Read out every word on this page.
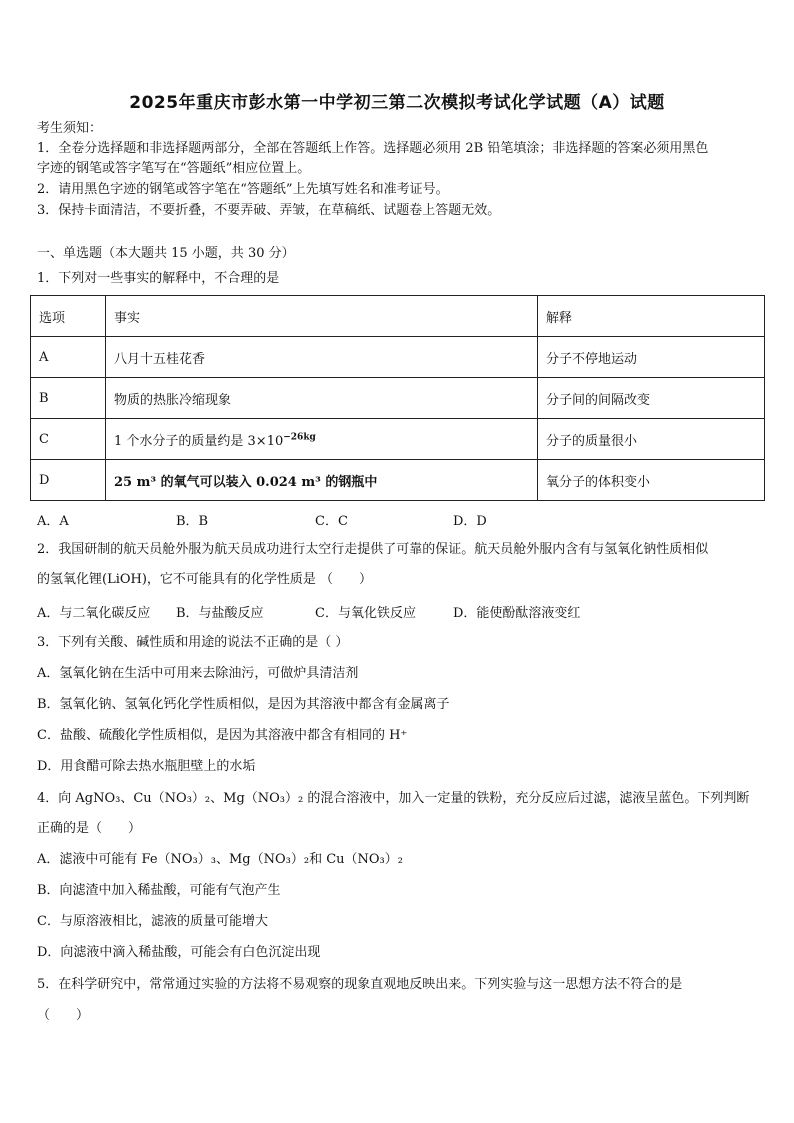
2025年重庆市彭水第一中学初三第二次模拟考试化学试题（A）试题
考生须知：
1．全卷分选择题和非选择题两部分，全部在答题纸上作答。选择题必须用 2B 铅笔填涂；非选择题的答案必须用黑色
字迹的钢笔或答字笔写在“答题纸”相应位置上。
2．请用黑色字迹的钢笔或答字笔在“答题纸”上先填写姓名和准考证号。
3．保持卡面清洁，不要折叠，不要弄破、弄皱，在草稿纸、试题卷上答题无效。
一、单选题（本大题共 15 小题，共 30 分）
1．下列对一些事实的解释中，不合理的是
选项	事实	解释
A	八月十五桂花香	分子不停地运动
B	物质的热胀冷缩现象	分子间的间隔改变
C	1 个水分子的质量约是 $3\times 10^{-26kg}$	分子的质量很小
D	25 m³ 的氧气可以装入 0.024 m³ 的钢瓶中	氧分子的体积变小
A．A	B．B	C．C	D．D
2．我国研制的航天员舱外服为航天员成功进行太空行走提供了可靠的保证。航天员舱外服内含有与氢氧化钠性质相似
的氢氧化锂(LiOH)，它不可能具有的化学性质是 （　　）
A．与二氧化碳反应 B．与盐酸反应	C．与氧化铁反应	D．能使酚酞溶液变红
3．下列有关酸、碱性质和用途的说法不正确的是（ ）
A．氢氧化钠在生活中可用来去除油污，可做炉具清洁剂
B．氢氧化钠、氢氧化钙化学性质相似，是因为其溶液中都含有金属离子
C．盐酸、硫酸化学性质相似，是因为其溶液中都含有相同的 H⁺
D．用食醋可除去热水瓶胆壁上的水垢
4．向 AgNO₃、Cu（NO₃）₂、Mg（NO₃）₂ 的混合溶液中，加入一定量的铁粉，充分反应后过滤，滤液呈蓝色。下列判断
正确的是（　　）
A．滤液中可能有 Fe（NO₃）₃、Mg（NO₃）₂和 Cu（NO₃）₂
B．向滤渣中加入稀盐酸，可能有气泡产生
C．与原溶液相比，滤液的质量可能增大
D．向滤液中滴入稀盐酸，可能会有白色沉淀出现
5．在科学研究中，常常通过实验的方法将不易观察的现象直观地反映出来。下列实验与这一思想方法不符合的是
（　　）
